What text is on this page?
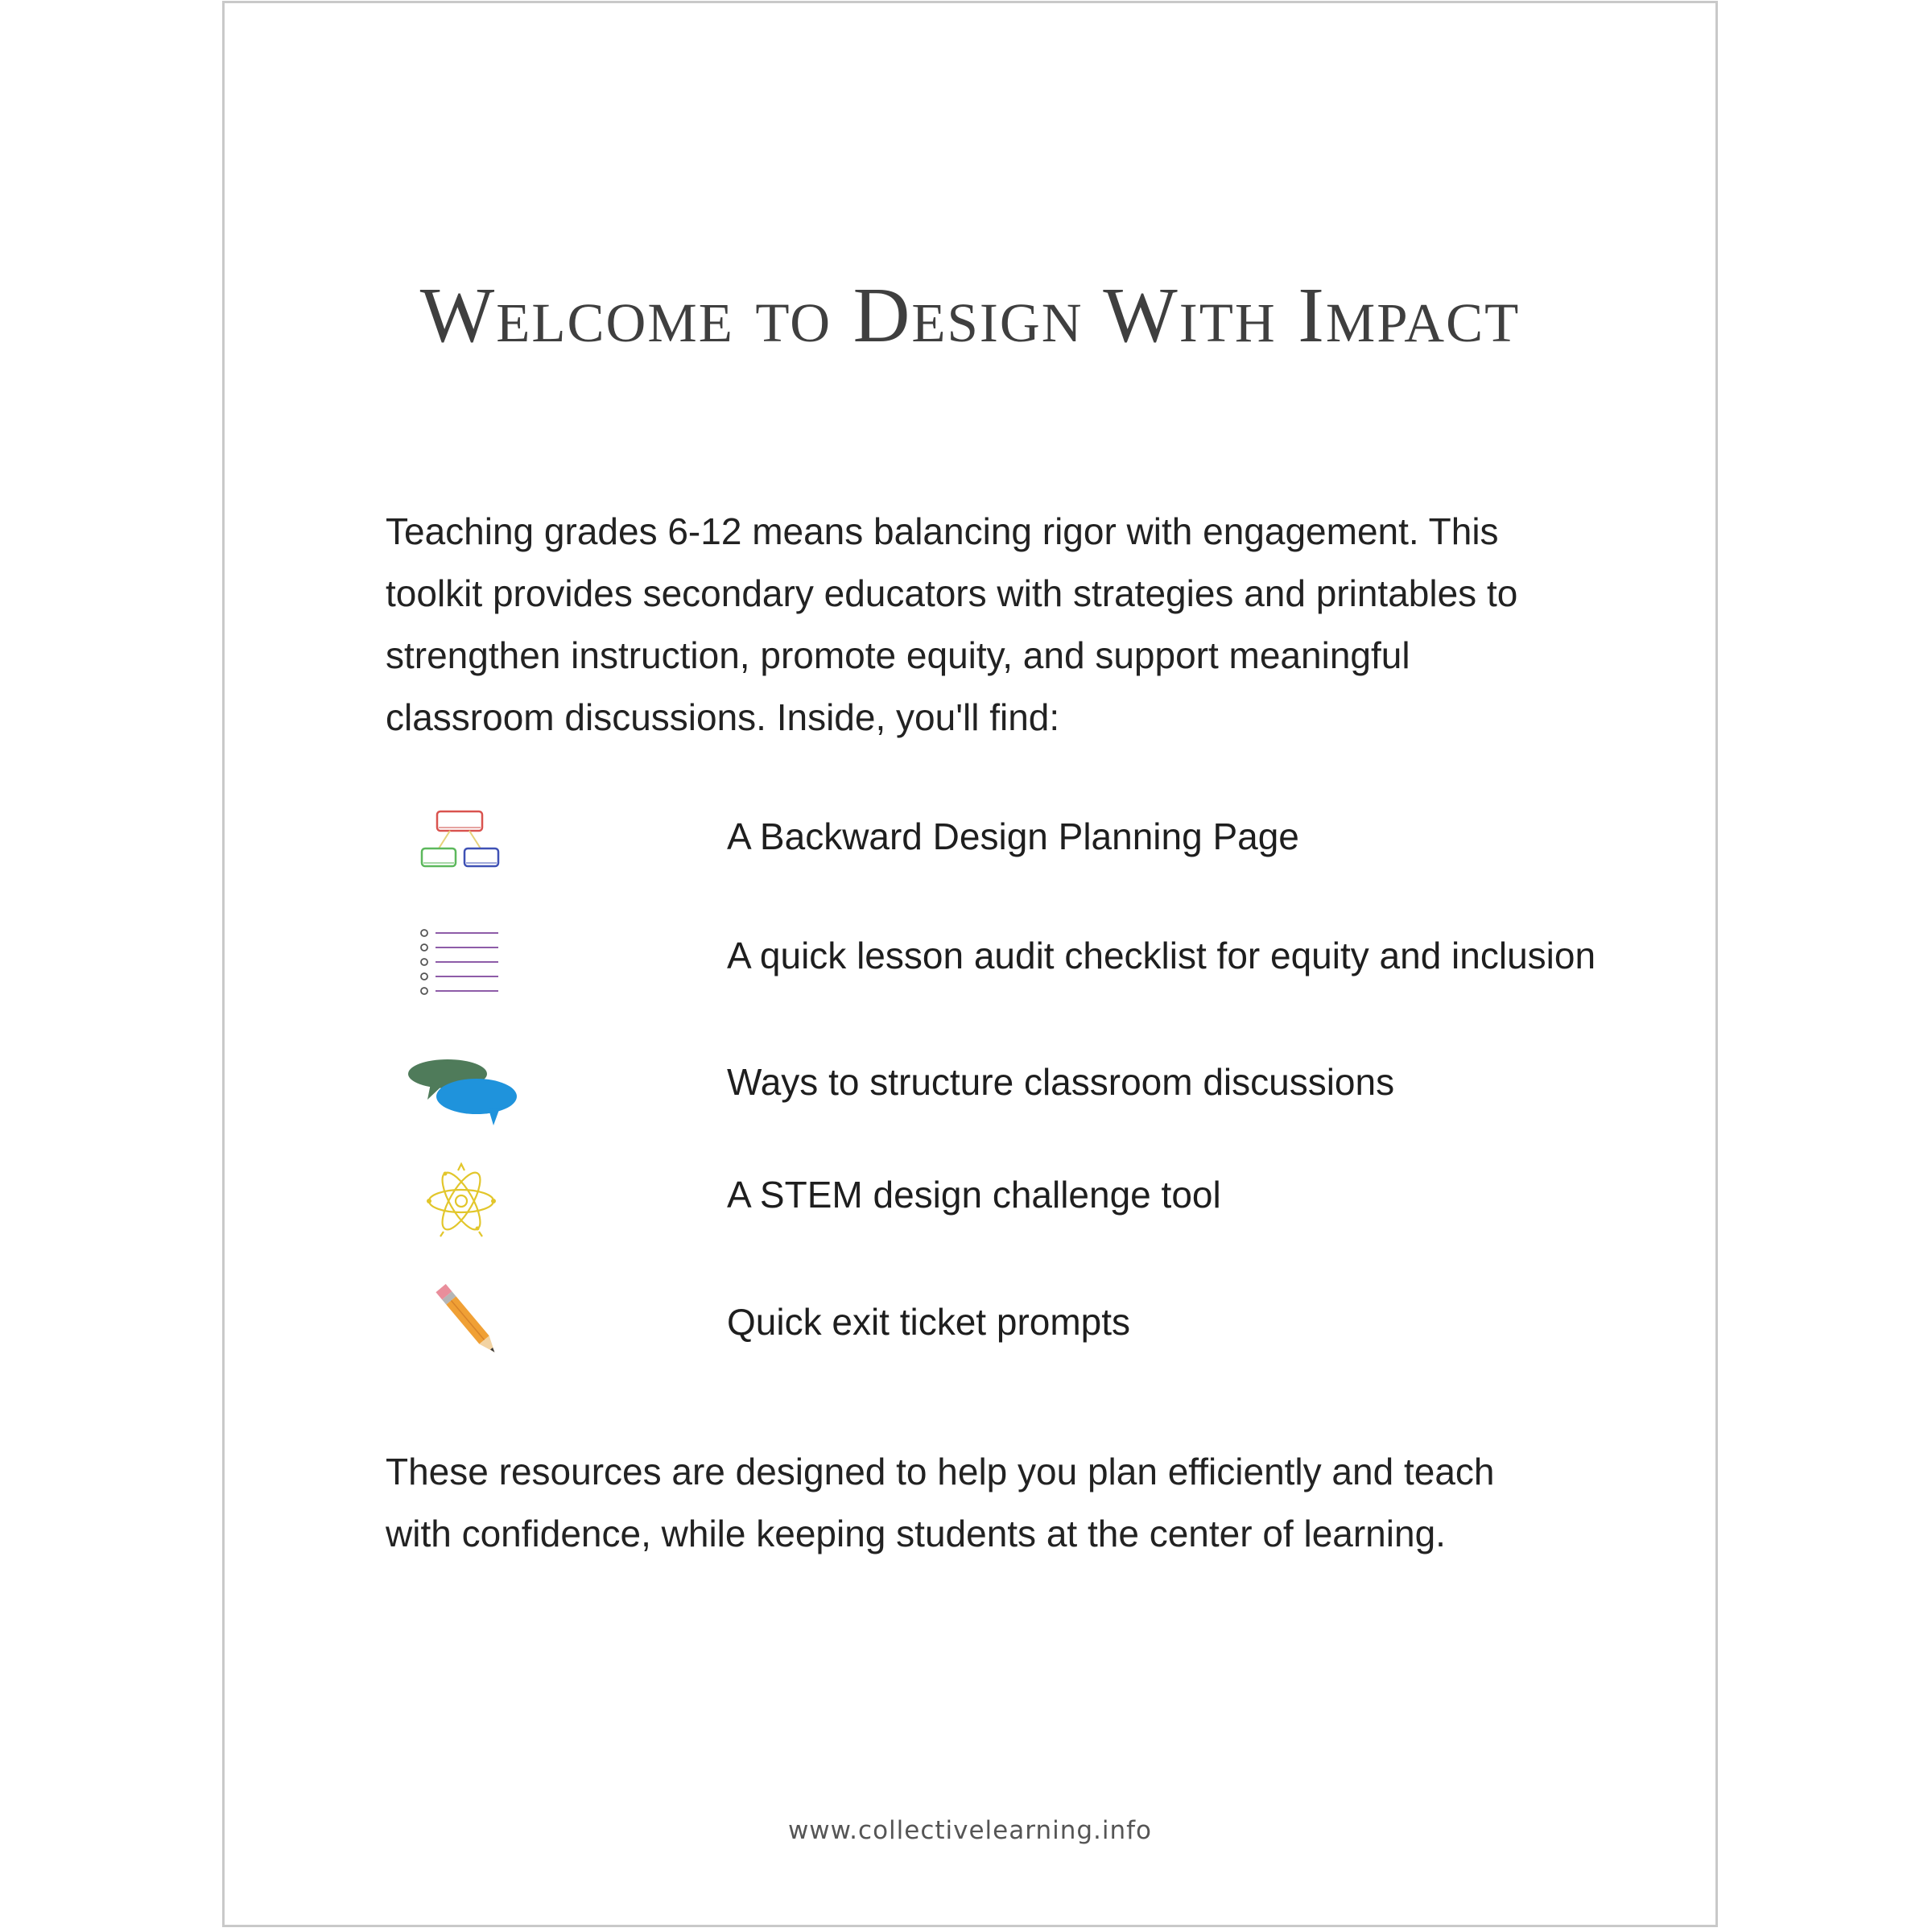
Welcome to Design With Impact

Teaching grades 6-12 means balancing rigor with engagement. This toolkit provides secondary educators with strategies and printables to strengthen instruction, promote equity, and support meaningful classroom discussions. Inside, you'll find:

A Backward Design Planning Page
A quick lesson audit checklist for equity and inclusion
Ways to structure classroom discussions
A STEM design challenge tool
Quick exit ticket prompts

These resources are designed to help you plan efficiently and teach with confidence, while keeping students at the center of learning.

www.collectivelearning.info
